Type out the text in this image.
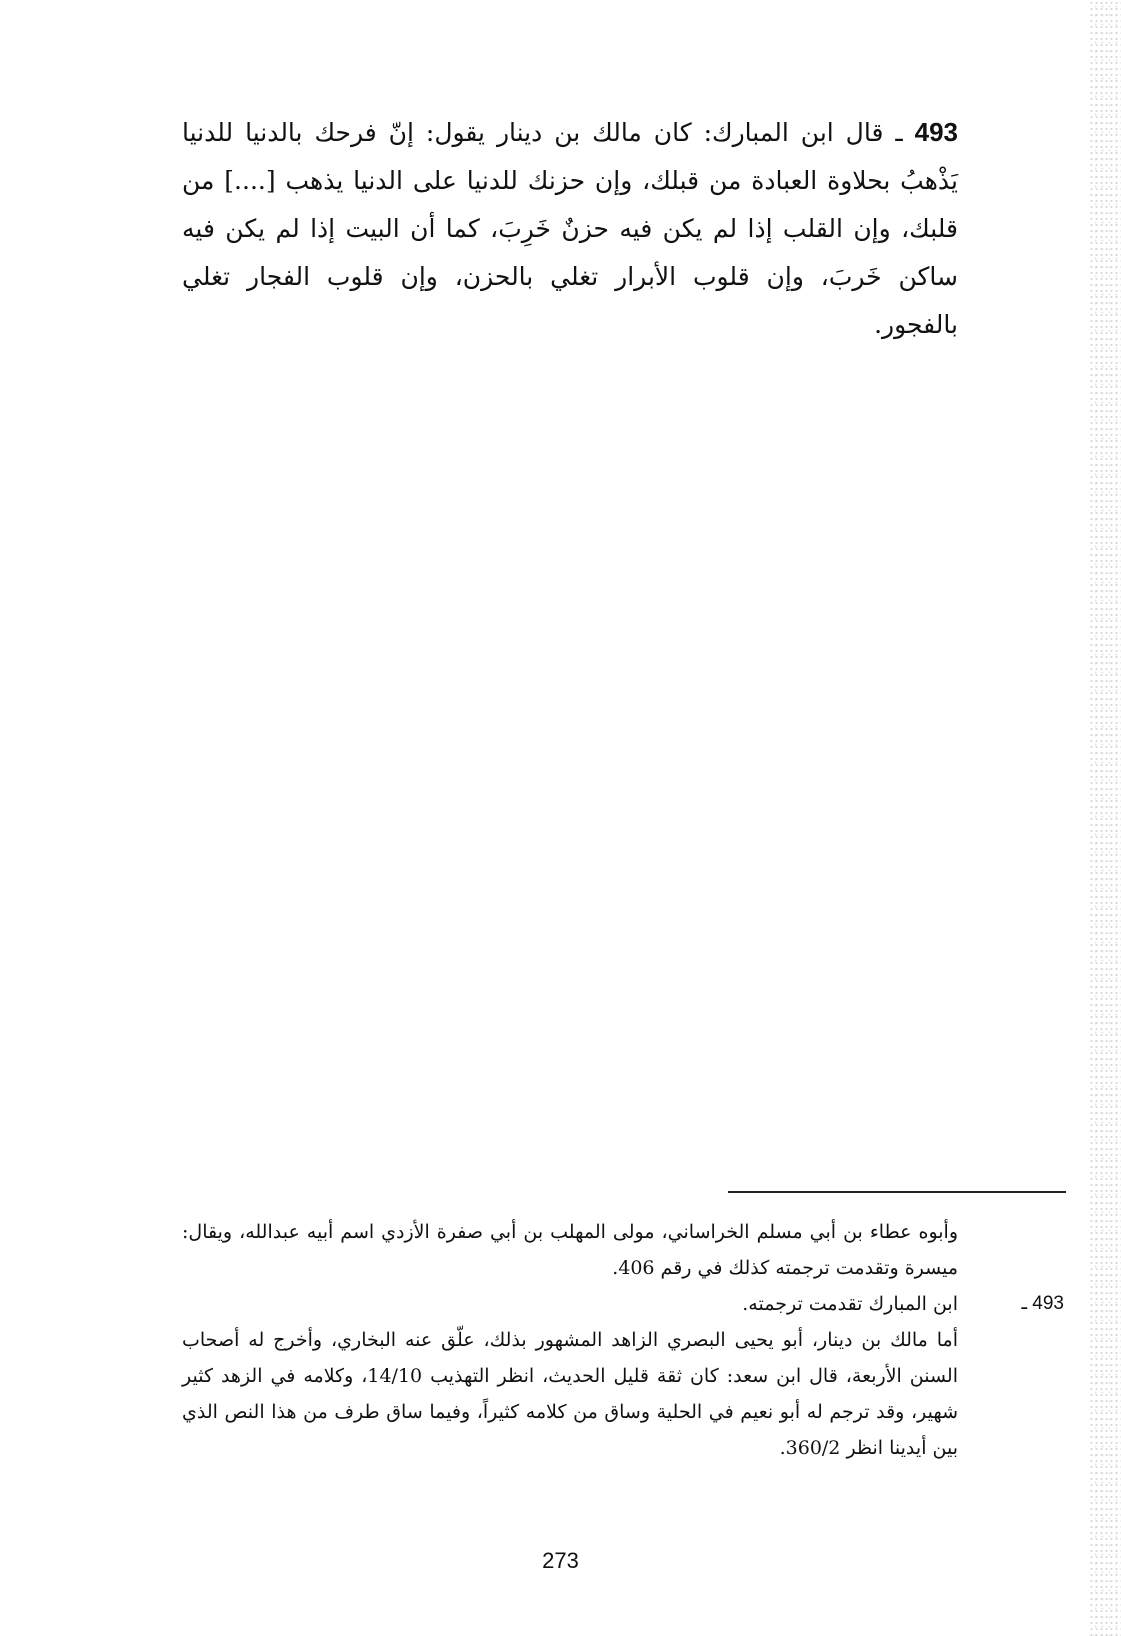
493 ـ قال ابن المبارك: كان مالك بن دينار يقول: إنّ فرحك بالدنيا للدنيا يَذْهبُ بحلاوة العبادة من قبلك، وإن حزنك للدنيا على الدنيا يذهب [....] من قلبك، وإن القلب إذا لم يكن فيه حزنٌ خَرِبَ، كما أن البيت إذا لم يكن فيه ساكن خَربَ، وإن قلوب الأبرار تغلي بالحزن، وإن قلوب الفجار تغلي بالفجور.
وأبوه عطاء بن أبي مسلم الخراساني، مولى المهلب بن أبي صفرة الأزدي اسم أبيه عبدالله، ويقال: ميسرة وتقدمت ترجمته كذلك في رقم 406.
493 ـ
ابن المبارك تقدمت ترجمته.
أما مالك بن دينار، أبو يحيى البصري الزاهد المشهور بذلك، علّق عنه البخاري، وأخرج له أصحاب السنن الأربعة، قال ابن سعد: كان ثقة قليل الحديث، انظر التهذيب 14/10، وكلامه في الزهد كثير شهير، وقد ترجم له أبو نعيم في الحلية وساق من كلامه كثيراً، وفيما ساق طرف من هذا النص الذي بين أيدينا انظر 360/2.
273
